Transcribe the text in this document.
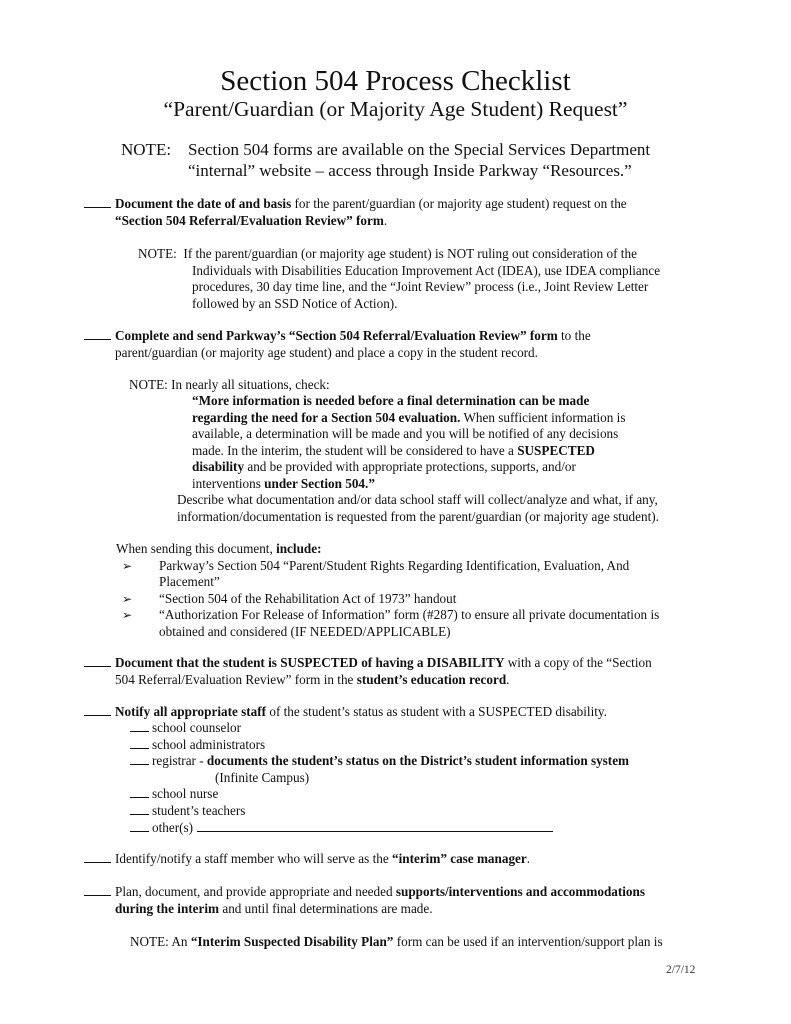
Section 504 Process Checklist
“Parent/Guardian (or Majority Age Student) Request”
NOTE: Section 504 forms are available on the Special Services Department
“internal” website – access through Inside Parkway “Resources.”
Document the date of and basis for the parent/guardian (or majority age student) request on the
“Section 504 Referral/Evaluation Review” form.
NOTE: If the parent/guardian (or majority age student) is NOT ruling out consideration of the
Individuals with Disabilities Education Improvement Act (IDEA), use IDEA compliance
procedures, 30 day time line, and the “Joint Review” process (i.e., Joint Review Letter
followed by an SSD Notice of Action).
Complete and send Parkway’s “Section 504 Referral/Evaluation Review” form to the
parent/guardian (or majority age student) and place a copy in the student record.
NOTE: In nearly all situations, check:
“More information is needed before a final determination can be made
regarding the need for a Section 504 evaluation. When sufficient information is
available, a determination will be made and you will be notified of any decisions
made. In the interim, the student will be considered to have a SUSPECTED
disability and be provided with appropriate protections, supports, and/or
interventions under Section 504.”
Describe what documentation and/or data school staff will collect/analyze and what, if any,
information/documentation is requested from the parent/guardian (or majority age student).
When sending this document, include:
➢ Parkway’s Section 504 “Parent/Student Rights Regarding Identification, Evaluation, And
Placement”
➢ “Section 504 of the Rehabilitation Act of 1973” handout
➢ “Authorization For Release of Information” form (#287) to ensure all private documentation is
obtained and considered (IF NEEDED/APPLICABLE)
Document that the student is SUSPECTED of having a DISABILITY with a copy of the “Section
504 Referral/Evaluation Review” form in the student’s education record.
Notify all appropriate staff of the student’s status as student with a SUSPECTED disability.
school counselor
school administrators
registrar - documents the student’s status on the District’s student information system
(Infinite Campus)
school nurse
student’s teachers
other(s)
Identify/notify a staff member who will serve as the “interim” case manager.
Plan, document, and provide appropriate and needed supports/interventions and accommodations
during the interim and until final determinations are made.
NOTE: An “Interim Suspected Disability Plan” form can be used if an intervention/support plan is
2/7/12
